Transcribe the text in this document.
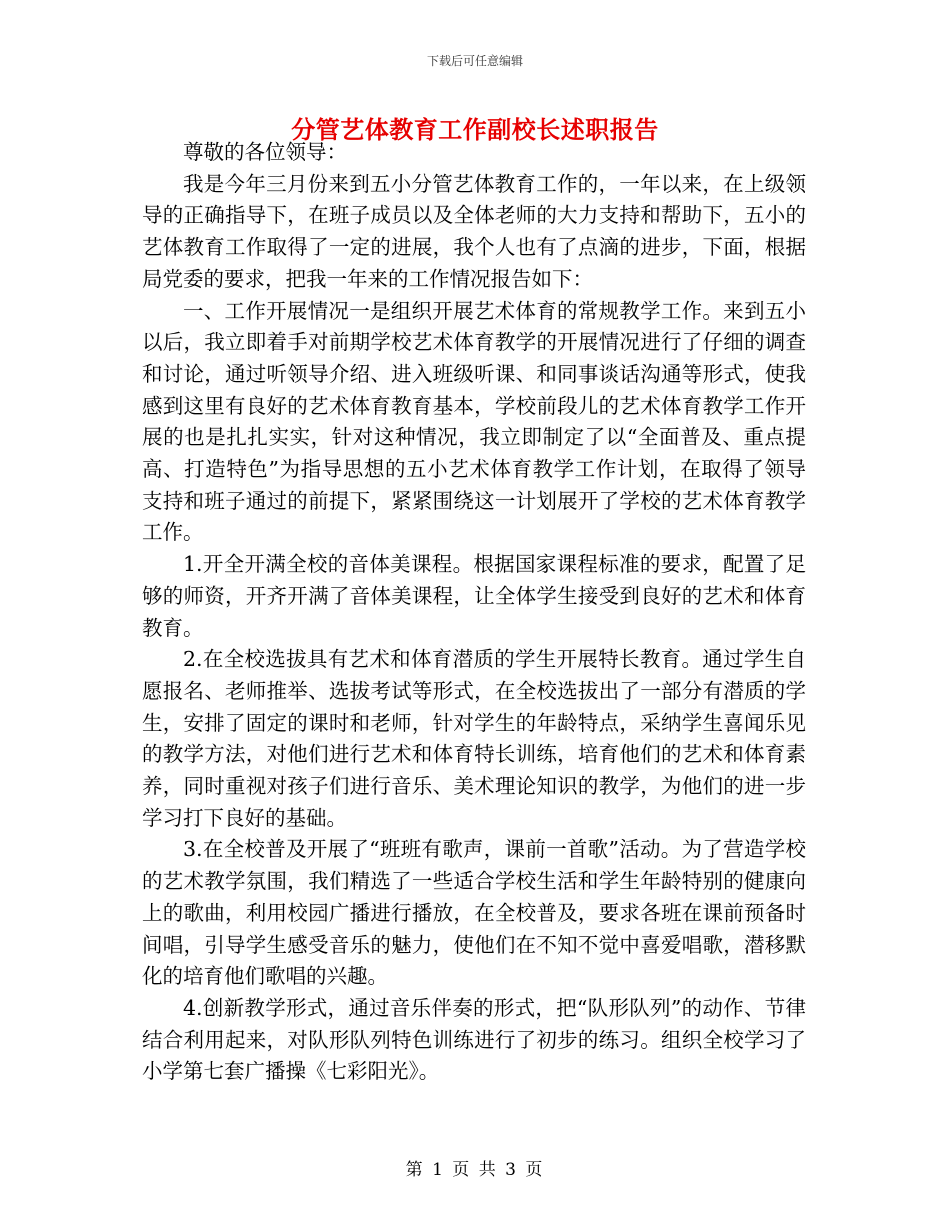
下载后可任意编辑
分管艺体教育工作副校长述职报告

尊敬的各位领导：

我是今年三月份来到五小分管艺体教育工作的，一年以来，在上级领导的正确指导下，在班子成员以及全体老师的大力支持和帮助下，五小的艺体教育工作取得了一定的进展，我个人也有了点滴的进步，下面，根据局党委的要求，把我一年来的工作情况报告如下：

一、工作开展情况一是组织开展艺术体育的常规教学工作。来到五小以后，我立即着手对前期学校艺术体育教学的开展情况进行了仔细的调查和讨论，通过听领导介绍、进入班级听课、和同事谈话沟通等形式，使我感到这里有良好的艺术体育教育基本，学校前段儿的艺术体育教学工作开展的也是扎扎实实，针对这种情况，我立即制定了以“全面普及、重点提高、打造特色”为指导思想的五小艺术体育教学工作计划，在取得了领导支持和班子通过的前提下，紧紧围绕这一计划展开了学校的艺术体育教学工作。

1.开全开满全校的音体美课程。根据国家课程标准的要求，配置了足够的师资，开齐开满了音体美课程，让全体学生接受到良好的艺术和体育教育。

2.在全校选拔具有艺术和体育潜质的学生开展特长教育。通过学生自愿报名、老师推举、选拔考试等形式，在全校选拔出了一部分有潜质的学生，安排了固定的课时和老师，针对学生的年龄特点，采纳学生喜闻乐见的教学方法，对他们进行艺术和体育特长训练，培育他们的艺术和体育素养，同时重视对孩子们进行音乐、美术理论知识的教学，为他们的进一步学习打下良好的基础。

3.在全校普及开展了“班班有歌声，课前一首歌”活动。为了营造学校的艺术教学氛围，我们精选了一些适合学校生活和学生年龄特别的健康向上的歌曲，利用校园广播进行播放，在全校普及，要求各班在课前预备时间唱，引导学生感受音乐的魅力，使他们在不知不觉中喜爱唱歌，潜移默化的培育他们歌唱的兴趣。

4.创新教学形式，通过音乐伴奏的形式，把“队形队列”的动作、节律结合利用起来，对队形队列特色训练进行了初步的练习。组织全校学习了小学第七套广播操《七彩阳光》。

第 1 页 共 3 页
